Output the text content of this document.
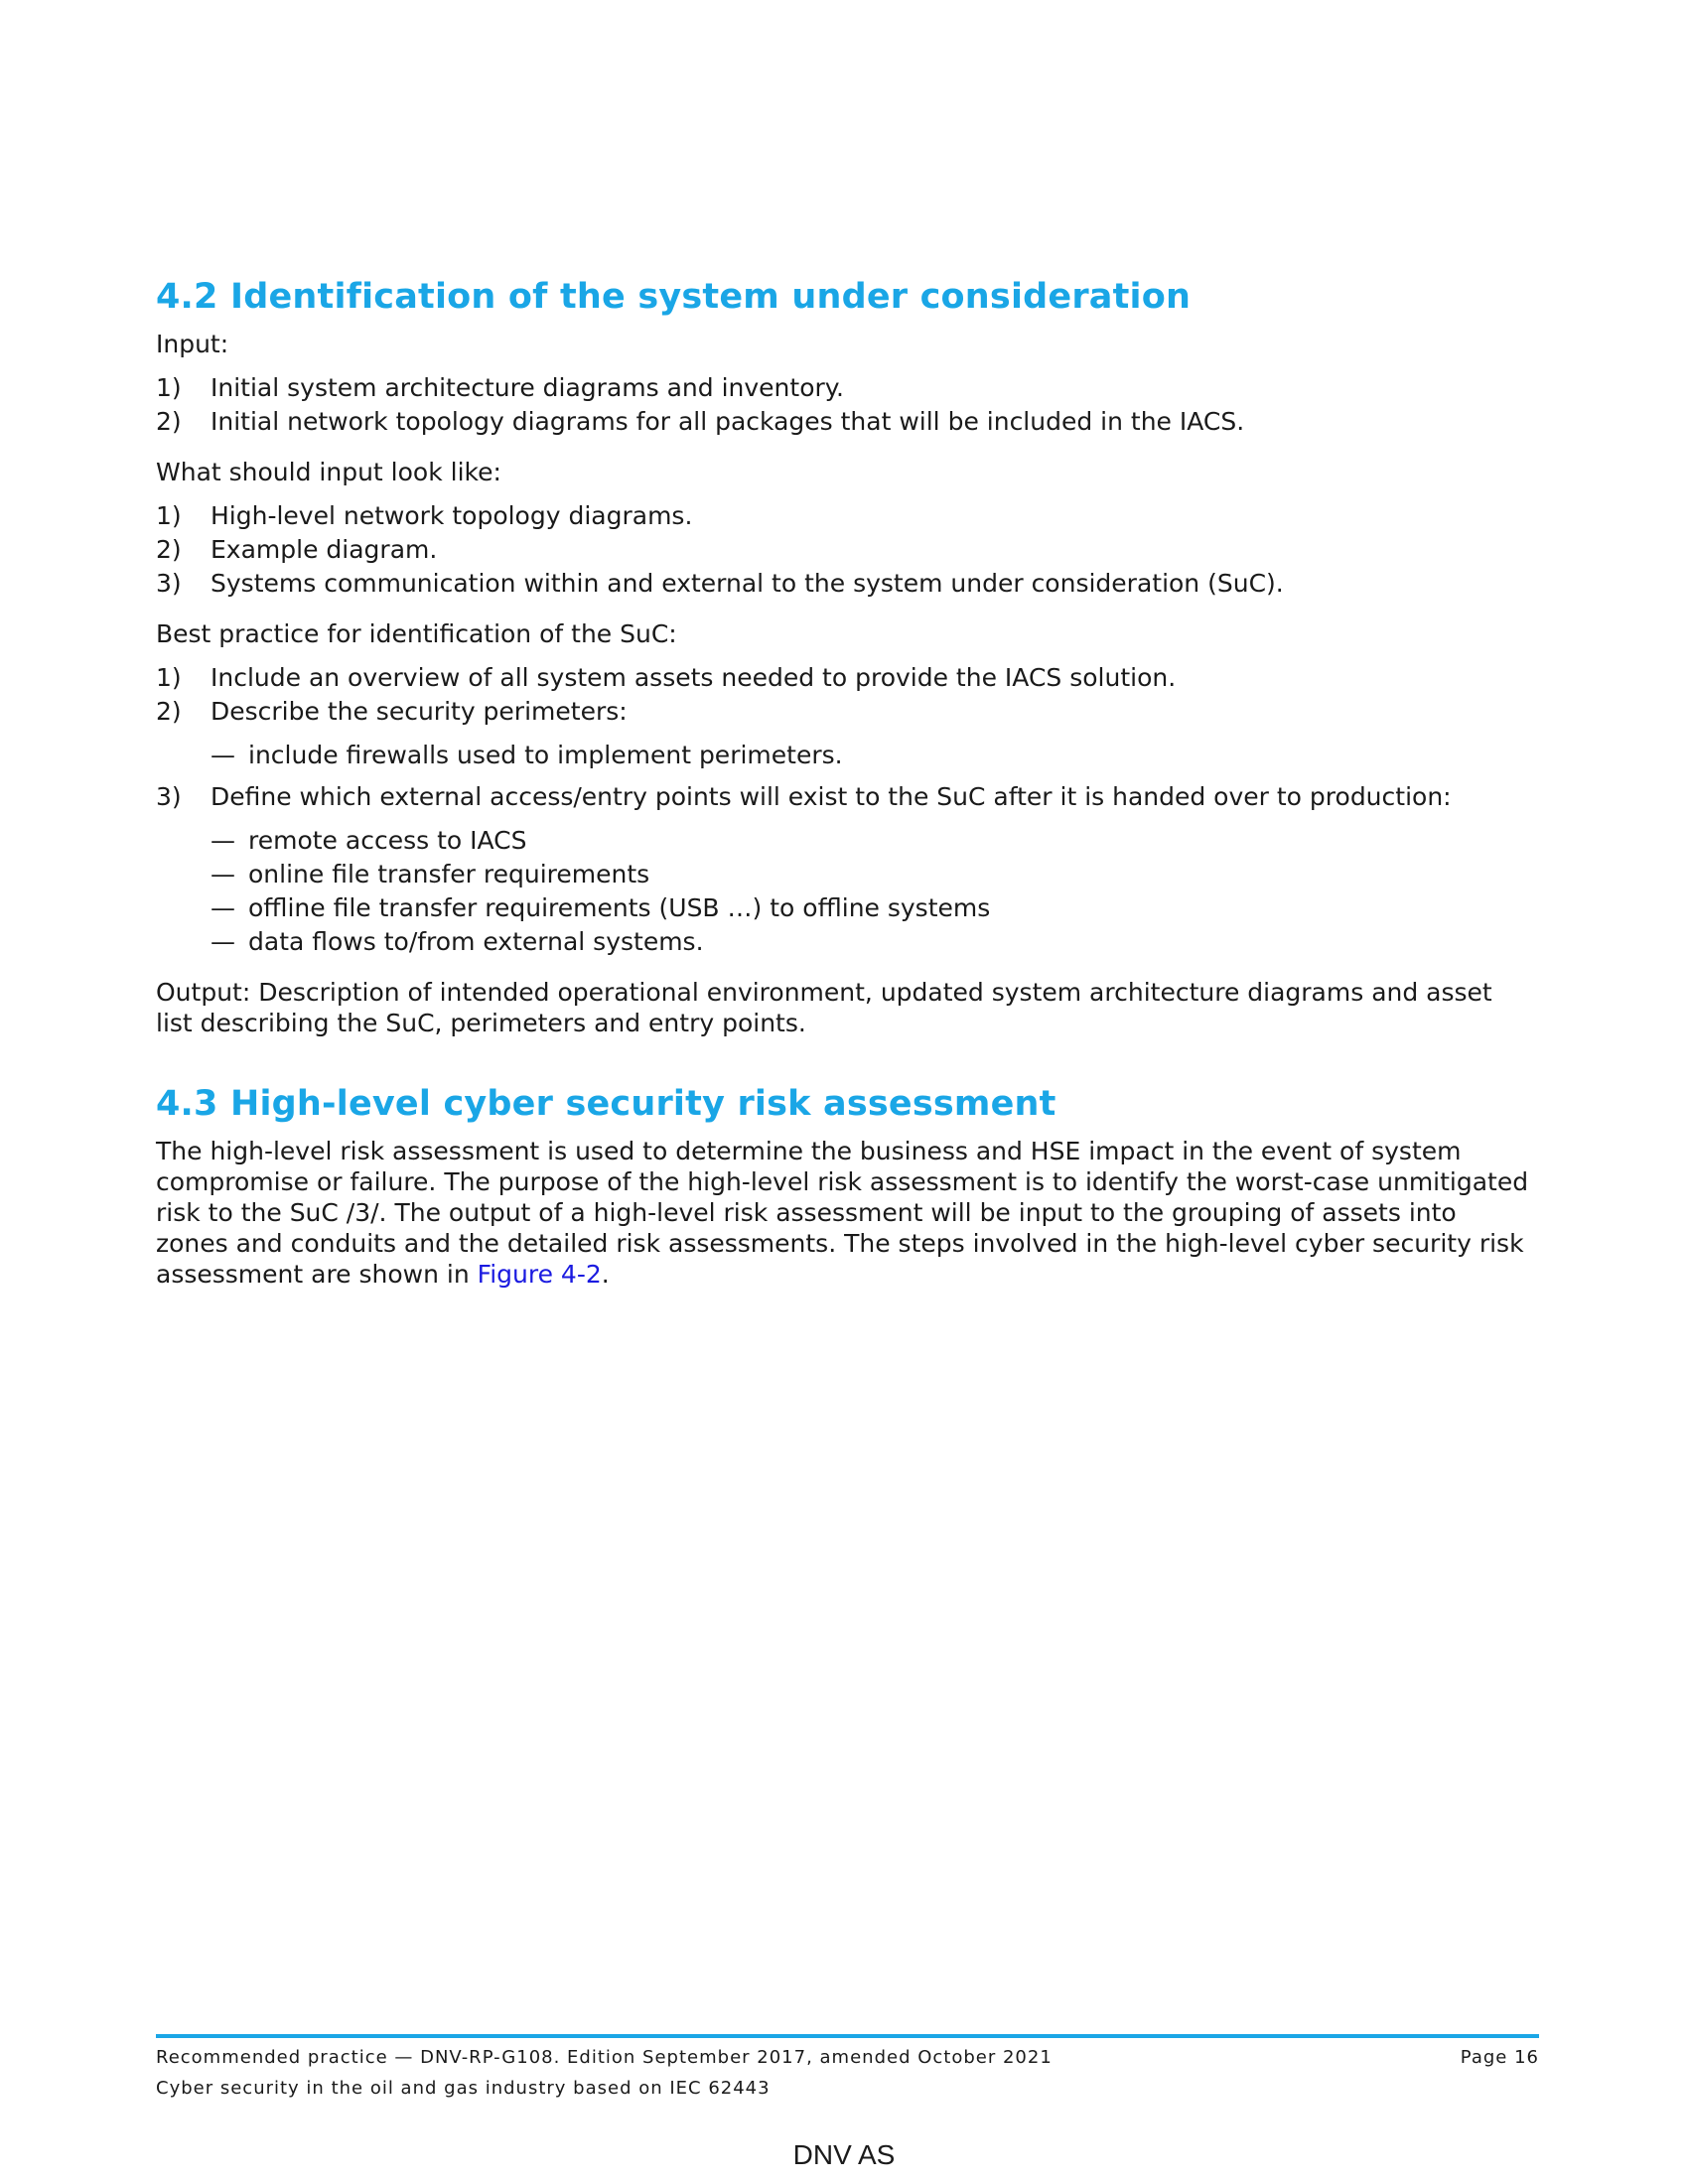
4.2 Identification of the system under consideration

Input:

1) Initial system architecture diagrams and inventory.
2) Initial network topology diagrams for all packages that will be included in the IACS.

What should input look like:

1) High-level network topology diagrams.
2) Example diagram.
3) Systems communication within and external to the system under consideration (SuC).

Best practice for identification of the SuC:

1) Include an overview of all system assets needed to provide the IACS solution.
2) Describe the security perimeters:
— include firewalls used to implement perimeters.
3) Define which external access/entry points will exist to the SuC after it is handed over to production:
— remote access to IACS
— online file transfer requirements
— offline file transfer requirements (USB …) to offline systems
— data flows to/from external systems.

Output: Description of intended operational environment, updated system architecture diagrams and asset list describing the SuC, perimeters and entry points.

4.3 High-level cyber security risk assessment

The high-level risk assessment is used to determine the business and HSE impact in the event of system compromise or failure. The purpose of the high-level risk assessment is to identify the worst-case unmitigated risk to the SuC /3/. The output of a high-level risk assessment will be input to the grouping of assets into zones and conduits and the detailed risk assessments. The steps involved in the high-level cyber security risk assessment are shown in Figure 4-2.

Recommended practice — DNV-RP-G108. Edition September 2017, amended October 2021	Page 16
Cyber security in the oil and gas industry based on IEC 62443
DNV AS
